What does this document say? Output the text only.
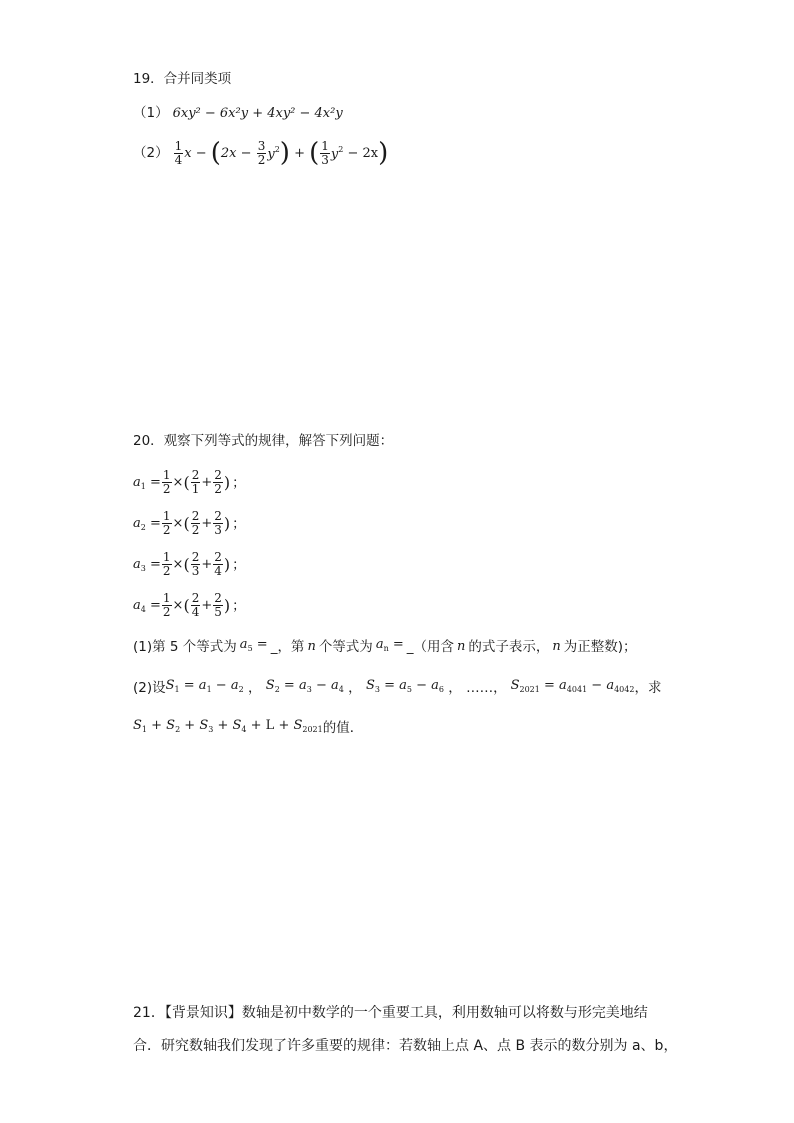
19．合并同类项
（1） 6xy² − 6x²y + 4xy² − 4x²y
$(2) \frac{1}{4}$ x − ( $2x - \frac{3}{2} y^2$ ) + ( $\frac{1}{3} y^2 - 2x$ )
20．观察下列等式的规律，解答下列问题：
$a_1 = \frac{1}{2}$ × ( $\frac{2}{1} + \frac{2}{2}$ ) ；
$a_2 = \frac{1}{2}$ × ( $\frac{2}{2} + \frac{2}{3}$ ) ；
$a_3 = \frac{1}{2}$ × ( $\frac{2}{3} + \frac{2}{4}$ ) ；
$a_4 = \frac{1}{2}$ × ( $\frac{2}{4} + \frac{2}{5}$ ) ；
(1)第 5 个等式为 $a_5$ = _ ，第 n 个等式为 $a_n$ = _ （用含 n 的式子表示， n 为正整数)；
(2)设 $S_1 = a_1 - a_2$ ， $S_2 = a_3 - a_4$ ， $S_3 = a_5 - a_6$ ， ……， $S_{2021} = a_{4041} - a_{4042}$ ，求
$S_1 + S_2 + S_3 + S_4 + L + S_{2021}$ 的值．
21．【背景知识】数轴是初中数学的一个重要工具，利用数轴可以将数与形完美地结
合．研究数轴我们发现了许多重要的规律：若数轴上点 A、点 B 表示的数分别为 a、b，
